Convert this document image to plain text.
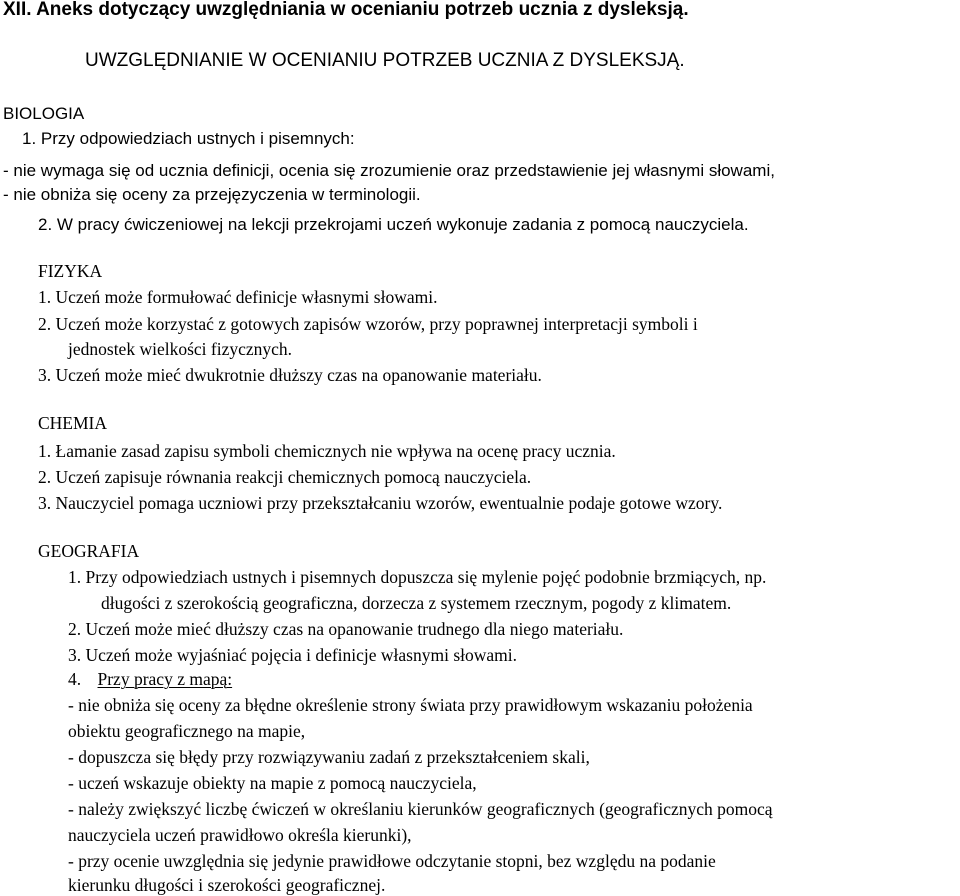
XII. Aneks dotyczący uwzględniania w ocenianiu potrzeb ucznia z dysleksją.
UWZGLĘDNIANIE W OCENIANIU POTRZEB UCZNIA Z DYSLEKSJĄ.
BIOLOGIA
1. Przy odpowiedziach ustnych i pisemnych:
- nie wymaga się od ucznia definicji, ocenia się zrozumienie oraz przedstawienie jej własnymi słowami,
- nie obniża się oceny za przejęzyczenia w terminologii.
2. W pracy ćwiczeniowej na lekcji przekrojami uczeń wykonuje zadania z pomocą nauczyciela.
FIZYKA
1. Uczeń może formułować definicje własnymi słowami.
2. Uczeń może korzystać z gotowych zapisów wzorów, przy poprawnej interpretacji symboli i
jednostek wielkości fizycznych.
3. Uczeń może mieć dwukrotnie dłuższy czas na opanowanie materiału.
CHEMIA
1. Łamanie zasad zapisu symboli chemicznych nie wpływa na ocenę pracy ucznia.
2. Uczeń zapisuje równania reakcji chemicznych pomocą nauczyciela.
3. Nauczyciel pomaga uczniowi przy przekształcaniu wzorów, ewentualnie podaje gotowe wzory.
GEOGRAFIA
1. Przy odpowiedziach ustnych i pisemnych dopuszcza się mylenie pojęć podobnie brzmiących, np.
długości z szerokością geograficzna, dorzecza z systemem rzecznym, pogody z klimatem.
2. Uczeń może mieć dłuższy czas na opanowanie trudnego dla niego materiału.
3. Uczeń może wyjaśniać pojęcia i definicje własnymi słowami.
4. Przy pracy z mapą:
- nie obniża się oceny za błędne określenie strony świata przy prawidłowym wskazaniu położenia
obiektu geograficznego na mapie,
- dopuszcza się błędy przy rozwiązywaniu zadań z przekształceniem skali,
- uczeń wskazuje obiekty na mapie z pomocą nauczyciela,
- należy zwiększyć liczbę ćwiczeń w określaniu kierunków geograficznych (geograficznych pomocą
nauczyciela uczeń prawidłowo określa kierunki),
- przy ocenie uwzględnia się jedynie prawidłowe odczytanie stopni, bez względu na podanie
kierunku długości i szerokości geograficznej.
